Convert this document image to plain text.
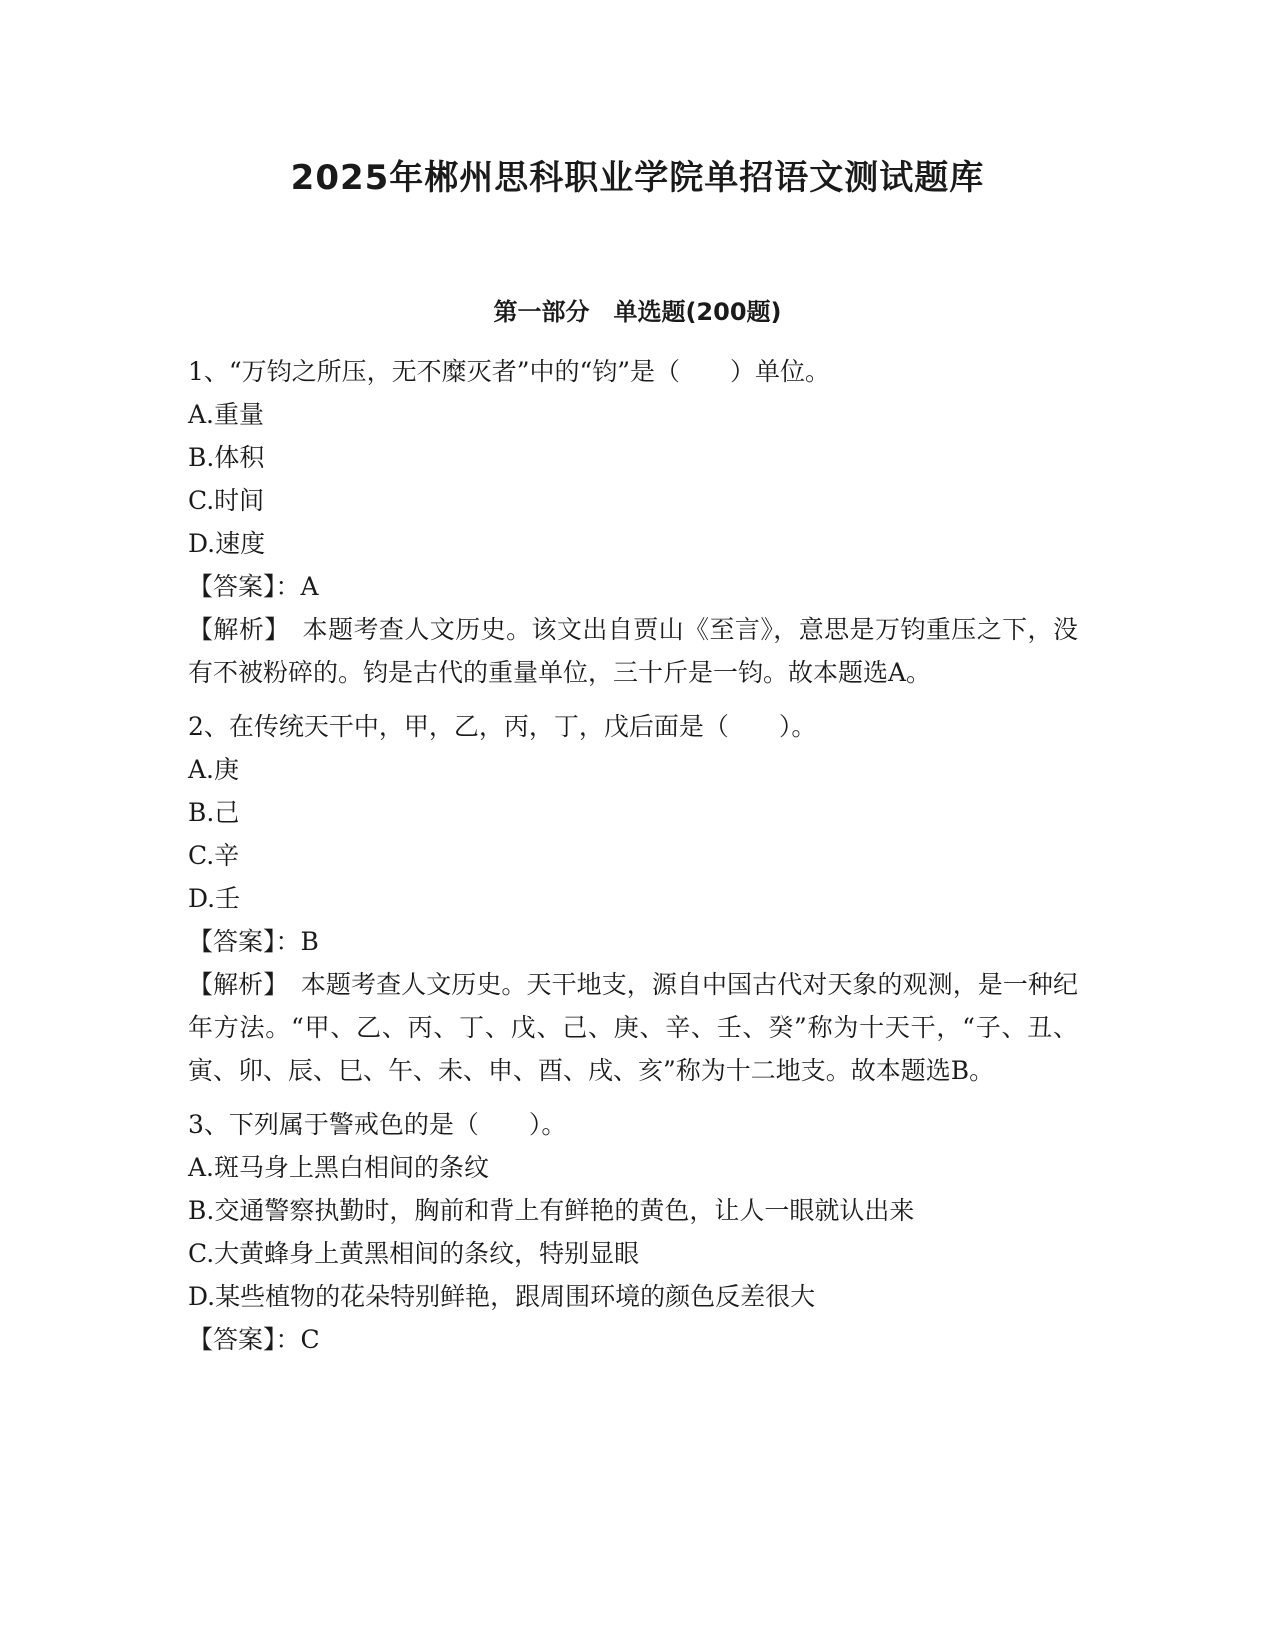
2025年郴州思科职业学院单招语文测试题库
第一部分　单选题(200题)

1、“万钧之所压，无不糜灭者”中的“钧”是（　　）单位。

A.重量

B.体积

C.时间

D.速度

【答案】：A

【解析】　本题考查人文历史。该文出自贾山《至言》，意思是万钧重压之下，没有不被粉碎的。钧是古代的重量单位，三十斤是一钧。故本题选A。

2、在传统天干中，甲，乙，丙，丁，戊后面是（　　）。

A.庚

B.己

C.辛

D.壬

【答案】：B

【解析】　本题考查人文历史。天干地支，源自中国古代对天象的观测，是一种纪年方法。“甲、乙、丙、丁、戊、己、庚、辛、壬、癸”称为十天干，“子、丑、寅、卯、辰、巳、午、未、申、酉、戌、亥”称为十二地支。故本题选B。

3、下列属于警戒色的是（　　）。

A.斑马身上黑白相间的条纹

B.交通警察执勤时，胸前和背上有鲜艳的黄色，让人一眼就认出来

C.大黄蜂身上黄黑相间的条纹，特别显眼

D.某些植物的花朵特别鲜艳，跟周围环境的颜色反差很大

【答案】：C
